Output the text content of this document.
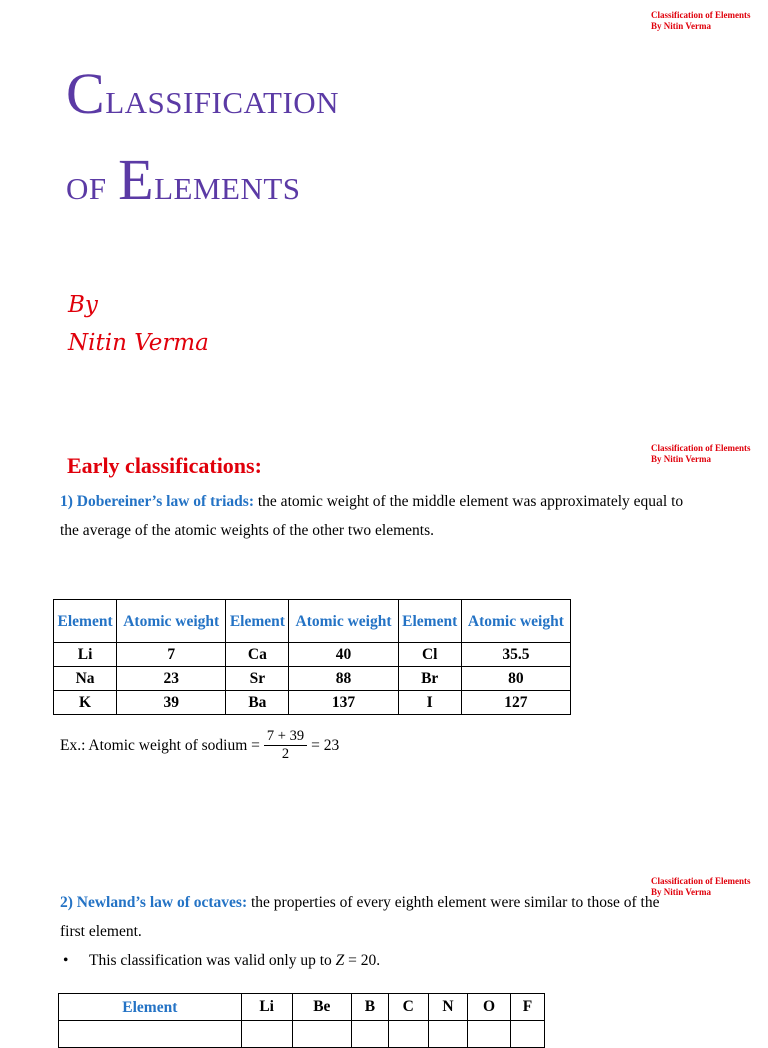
Classification of Elements
By Nitin Verma
Classification of Elements
By Nitin Verma
Classification of Elements
By Nitin Verma
Classification
of Elements
By
Nitin Verma
Early classifications:
1) Dobereiner’s law of triads: the atomic weight of the middle element was approximately equal to the average of the atomic weights of the other two elements.
Element	Atomic weight	Element	Atomic weight	Element	Atomic weight
Li	7	Ca	40	Cl	35.5
Na	23	Sr	88	Br	80
K	39	Ba	137	I	127
Ex.: Atomic weight of sodium = $\frac{7 + 39}{2} = 23$
2) Newland’s law of octaves: the properties of every eighth element were similar to those of the first element.
• This classification was valid only up to Z = 20.
Element	Li	Be	B	C	N	O	F
